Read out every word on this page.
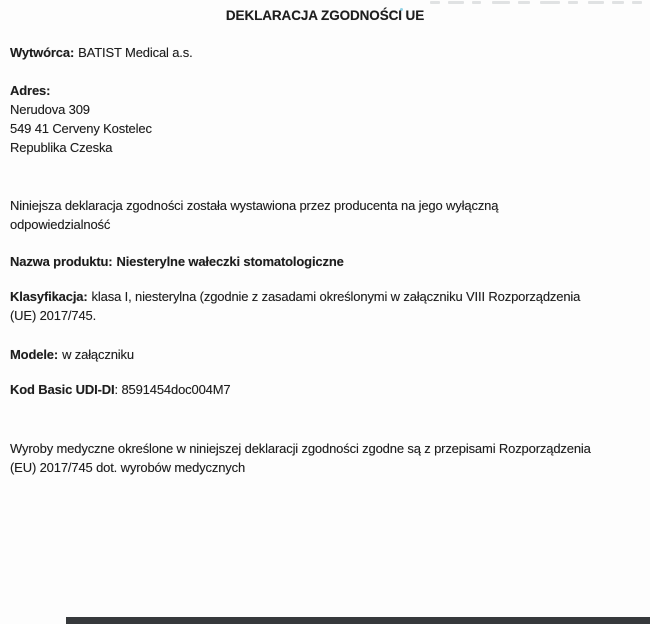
DEKLARACJA ZGODNOŚCI UE
Wytwórca: BATIST Medical a.s.
Adres:
Nerudova 309
549 41 Cerveny Kostelec
Republika Czeska
Niniejsza deklaracja zgodności została wystawiona przez producenta na jego wyłączną
odpowiedzialność
Nazwa produktu: Niesterylne wałeczki stomatologiczne
Klasyfikacja: klasa I, niesterylna (zgodnie z zasadami określonymi w załączniku VIII Rozporządzenia
(UE) 2017/745.
Modele: w załączniku
Kod Basic UDI-DI: 8591454doc004M7
Wyroby medyczne określone w niniejszej deklaracji zgodności zgodne są z przepisami Rozporządzenia
(EU) 2017/745 dot. wyrobów medycznych
